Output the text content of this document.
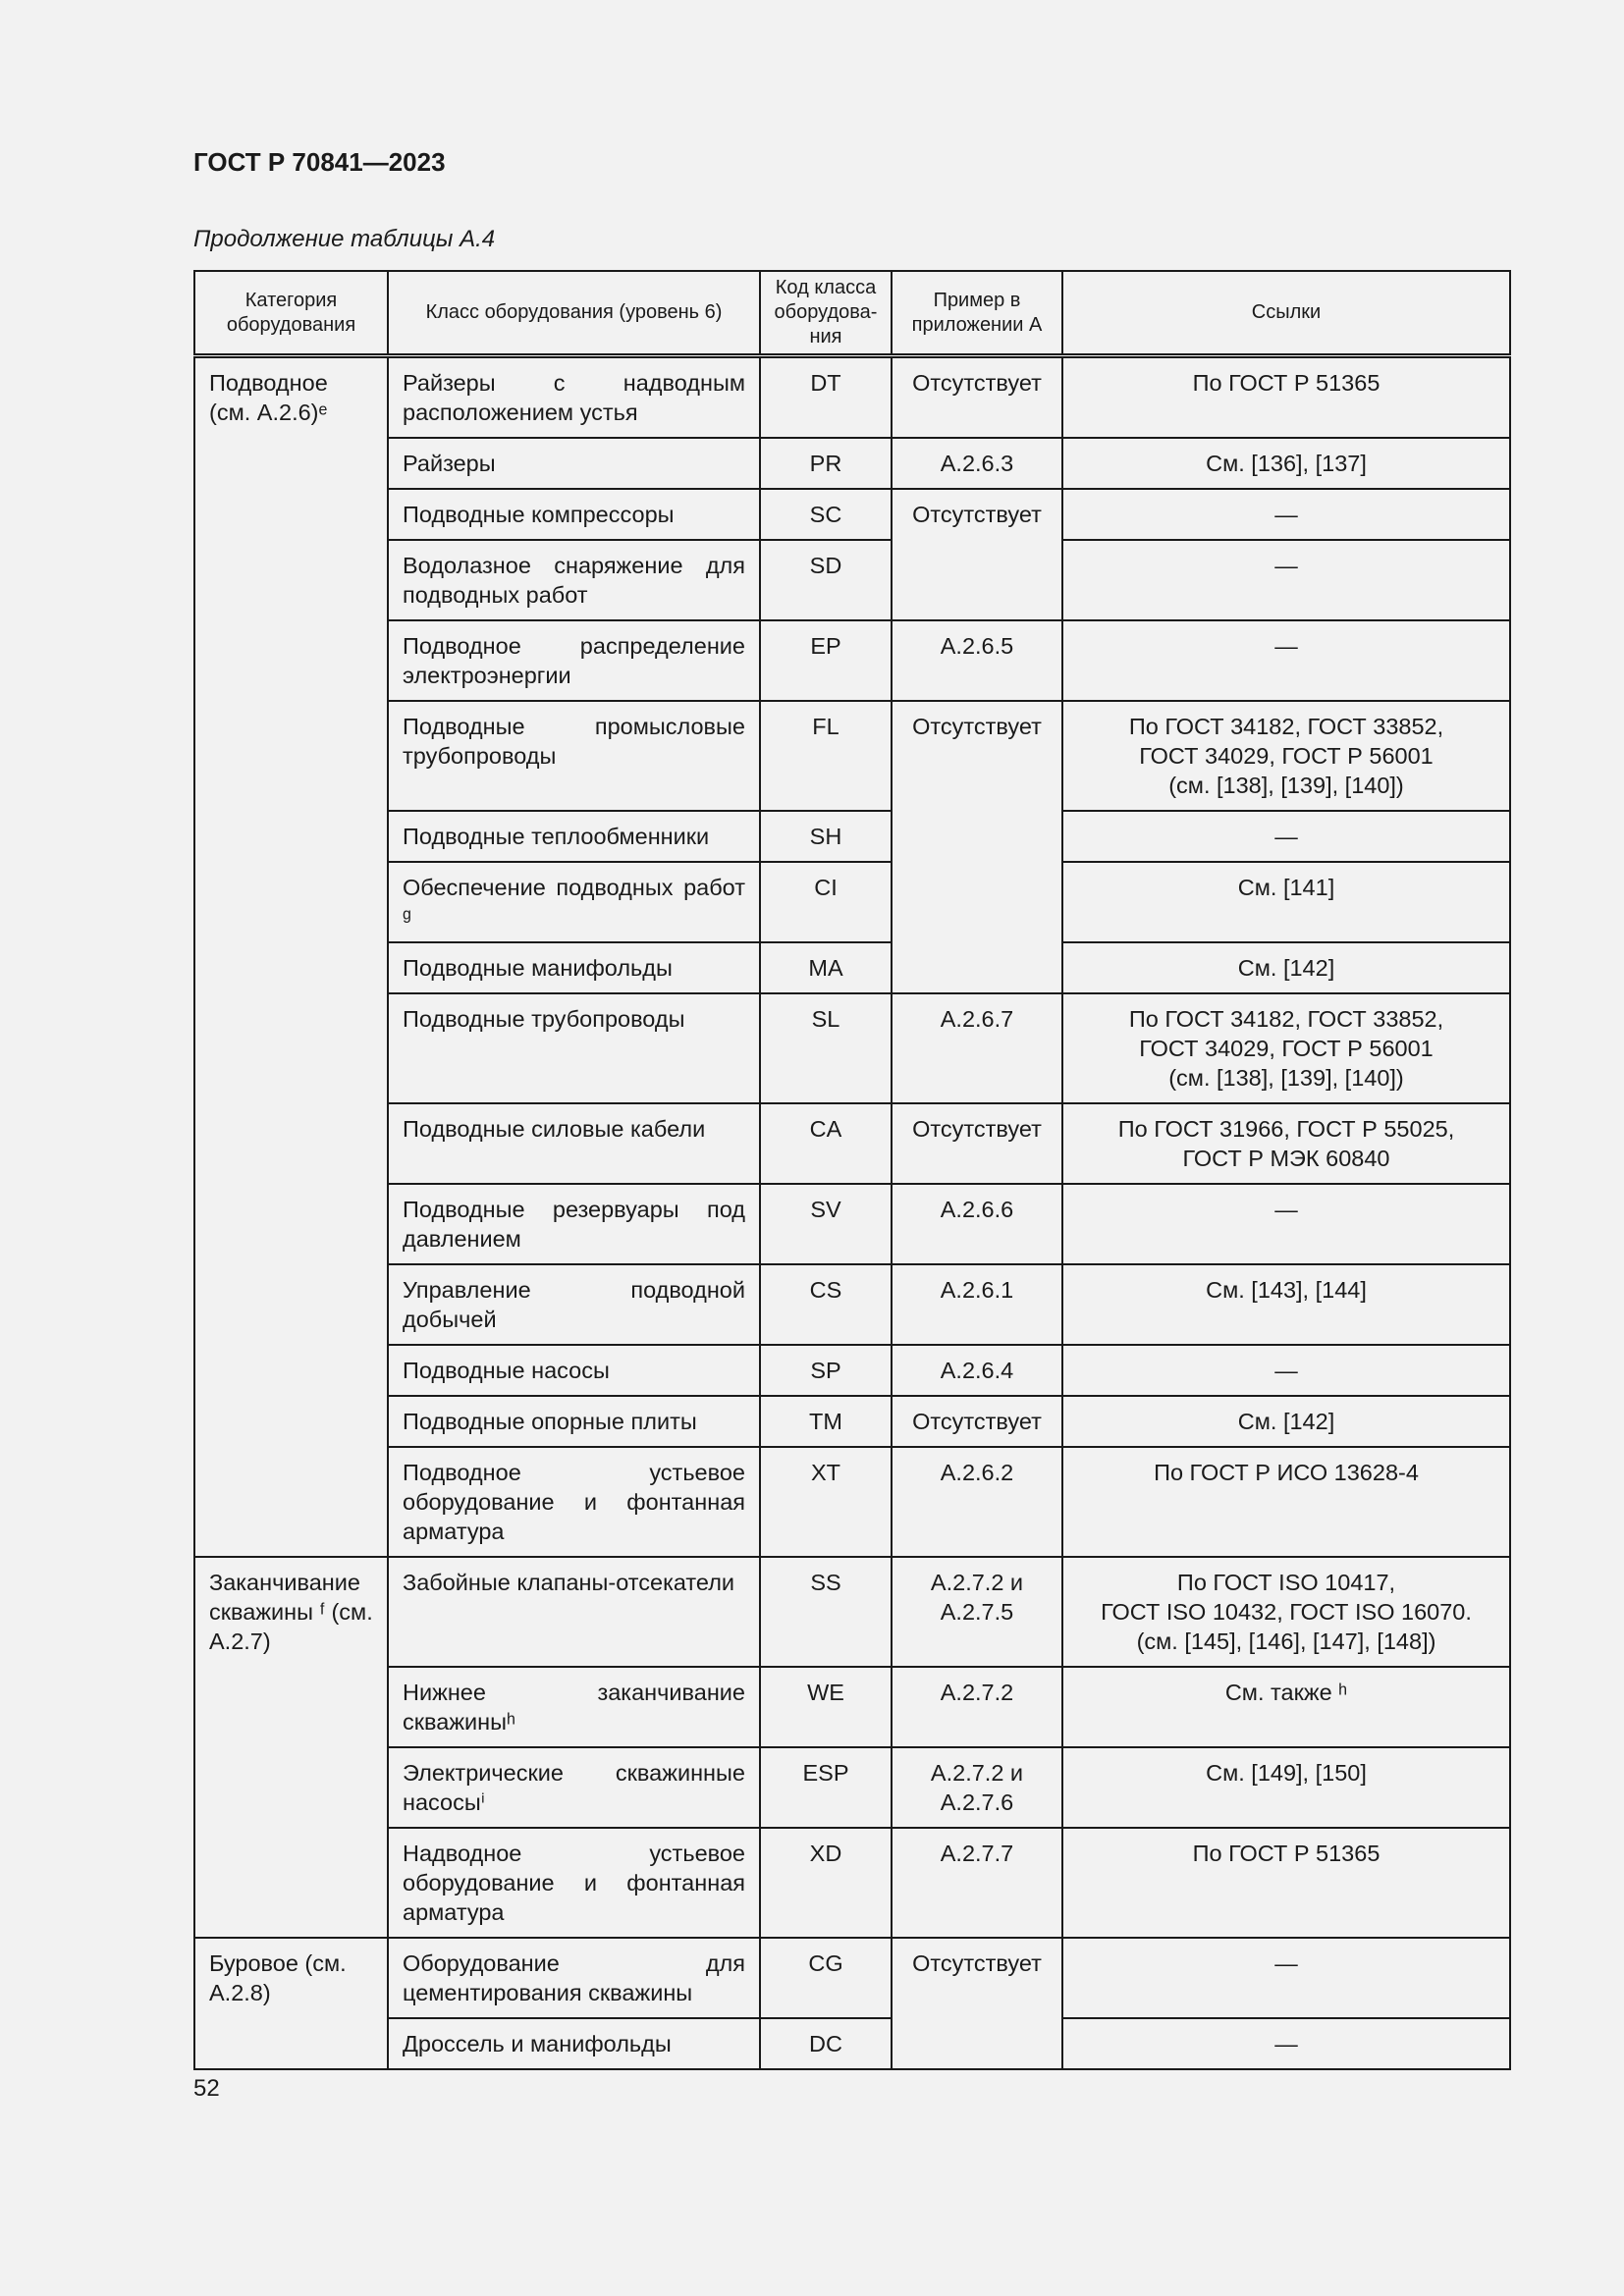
ГОСТ Р 70841—2023
Продолжение таблицы А.4
Категория оборудования	Класс оборудования (уровень 6)	Код класса оборудова-ния	Пример в приложении А	Ссылки
Подводное (см. А.2.6)ᵉ	Райзеры с надводным расположением устья	DT	Отсутствует	По ГОСТ Р 51365

	Райзеры	PR	А.2.6.3	См. [136], [137]

	Подводные компрессоры	SC	Отсутствует	—

	Водолазное снаряжение для подводных работ	SD		—

	Подводное распределение электроэнергии	EP	А.2.6.5	—

	Подводные промысловые трубопроводы	FL	Отсутствует	По ГОСТ 34182, ГОСТ 33852,
ГОСТ 34029, ГОСТ Р 56001
(см. [138], [139], [140])

	Подводные теплообменники	SH		—

	Обеспечение подводных работ ᵍ	CI		См. [141]

	Подводные манифольды	MA		См. [142]

	Подводные трубопроводы	SL	А.2.6.7	По ГОСТ 34182, ГОСТ 33852,
ГОСТ 34029, ГОСТ Р 56001
(см. [138], [139], [140])

	Подводные силовые кабели	CA	Отсутствует	По ГОСТ 31966, ГОСТ Р 55025,
ГОСТ Р МЭК 60840

	Подводные резервуары под давлением	SV	А.2.6.6	—

	Управление подводной добычей	CS	А.2.6.1	См. [143], [144]

	Подводные насосы	SP	А.2.6.4	—

	Подводные опорные плиты	TM	Отсутствует	См. [142]

	Подводное устьевое оборудование и фонтанная арматура	XT	А.2.6.2	По ГОСТ Р ИСО 13628-4

Заканчивание скважины ᶠ (см. А.2.7)	Забойные клапаны-отсекатели	SS	А.2.7.2 и А.2.7.5	По ГОСТ ISO 10417,
ГОСТ ISO 10432, ГОСТ ISO 16070.
(см. [145], [146], [147], [148])

	Нижнее заканчивание скважиныʰ	WE	А.2.7.2	См. также ʰ

	Электрические скважинные насосыⁱ	ESP	А.2.7.2 и А.2.7.6	См. [149], [150]

	Надводное устьевое оборудование и фонтанная арматура	XD	А.2.7.7	По ГОСТ Р 51365

Буровое (см. А.2.8)	Оборудование для цементирования скважины	CG	Отсутствует	—

	Дроссель и манифольды	DC		—
52
